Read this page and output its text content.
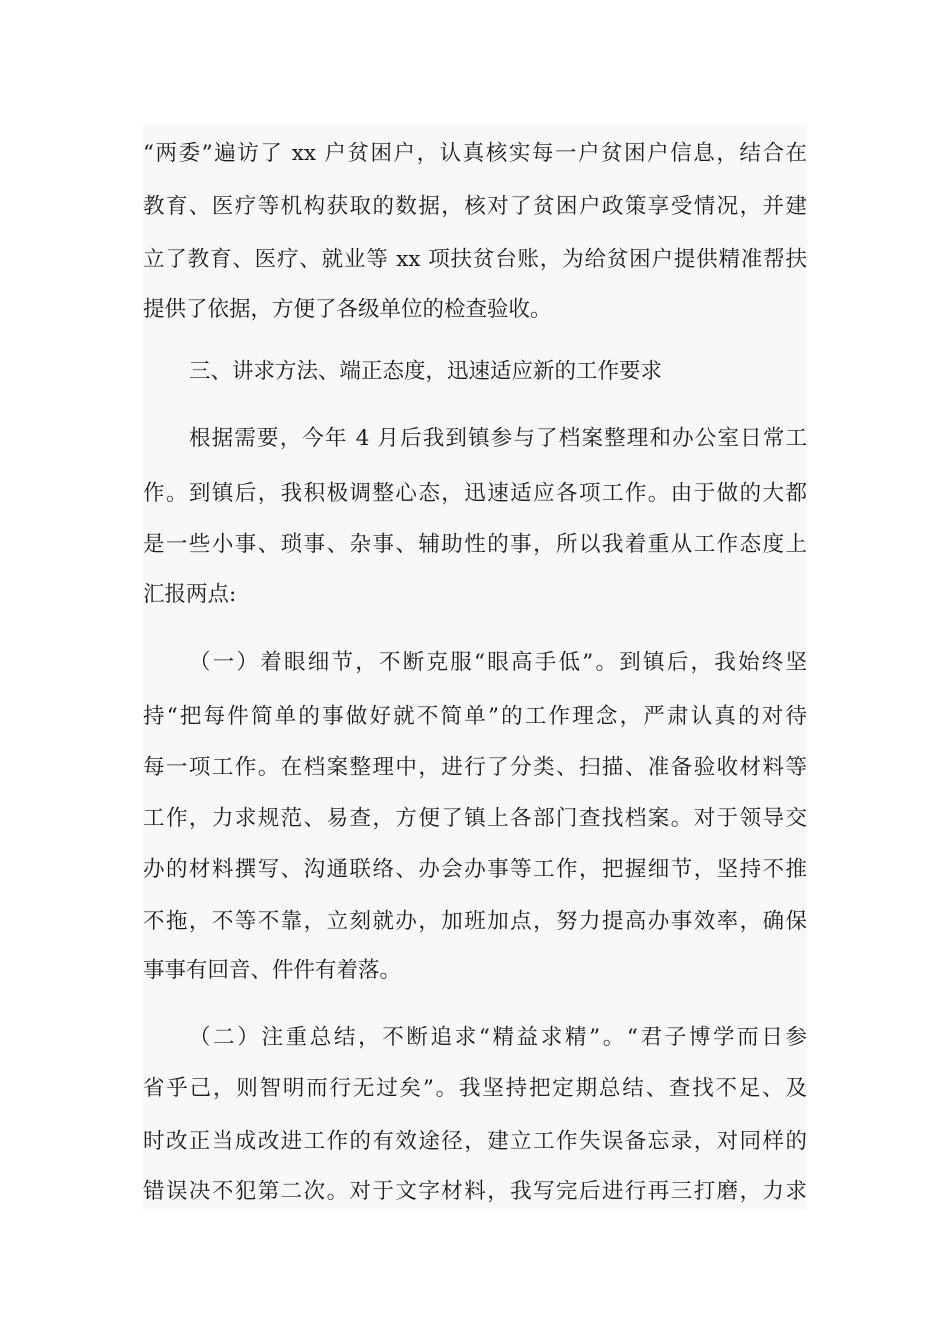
“两委”遍访了 xx 户贫困户，认真核实每一户贫困户信息，结合在
教育、医疗等机构获取的数据，核对了贫困户政策享受情况，并建
立了教育、医疗、就业等 xx 项扶贫台账，为给贫困户提供精准帮扶
提供了依据，方便了各级单位的检查验收。
三、讲求方法、端正态度，迅速适应新的工作要求
根据需要，今年 4 月后我到镇参与了档案整理和办公室日常工
作。到镇后，我积极调整心态，迅速适应各项工作。由于做的大都
是一些小事、琐事、杂事、辅助性的事，所以我着重从工作态度上
汇报两点:
（一）着眼细节，不断克服“眼高手低”。到镇后，我始终坚
持“把每件简单的事做好就不简单”的工作理念，严肃认真的对待
每一项工作。在档案整理中，进行了分类、扫描、准备验收材料等
工作，力求规范、易查，方便了镇上各部门查找档案。对于领导交
办的材料撰写、沟通联络、办会办事等工作，把握细节，坚持不推
不拖，不等不靠，立刻就办，加班加点，努力提高办事效率，确保
事事有回音、件件有着落。
（二）注重总结，不断追求“精益求精”。“君子博学而日参
省乎己，则智明而行无过矣”。我坚持把定期总结、查找不足、及
时改正当成改进工作的有效途径，建立工作失误备忘录，对同样的
错误决不犯第二次。对于文字材料，我写完后进行再三打磨，力求
